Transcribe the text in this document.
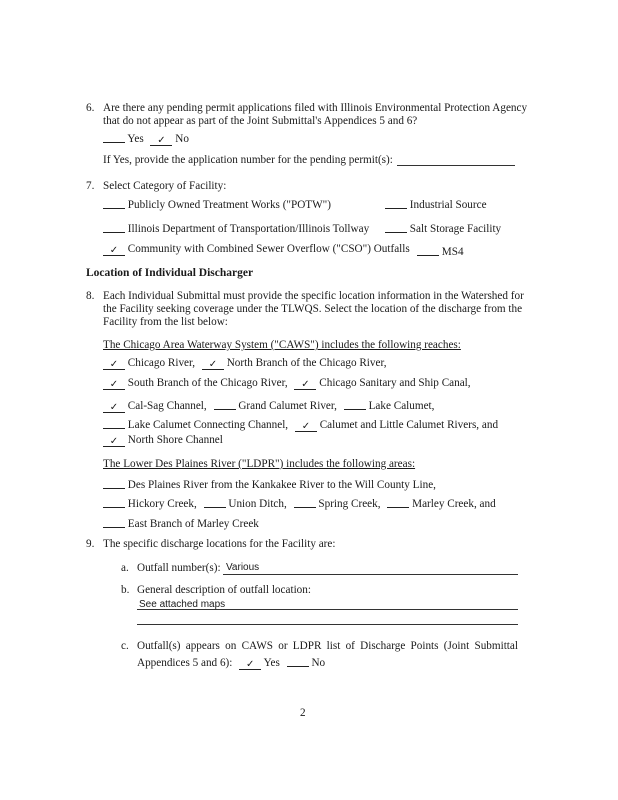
6. Are there any pending permit applications filed with Illinois Environmental Protection Agency
that do not appear as part of the Joint Submittal's Appendices 5 and 6?
Yes ✓ No
If Yes, provide the application number for the pending permit(s):
7. Select Category of Facility:
Publicly Owned Treatment Works ("POTW")	Industrial Source
Illinois Department of Transportation/Illinois Tollway	Salt Storage Facility
✓ Community with Combined Sewer Overflow ("CSO") Outfalls	MS4
Location of Individual Discharger
8. Each Individual Submittal must provide the specific location information in the Watershed for
the Facility seeking coverage under the TLWQS. Select the location of the discharge from the
Facility from the list below:
The Chicago Area Waterway System ("CAWS") includes the following reaches:
✓ Chicago River, ✓ North Branch of the Chicago River,
✓ South Branch of the Chicago River, ✓ Chicago Sanitary and Ship Canal,
✓ Cal-Sag Channel,	Grand Calumet River,	Lake Calumet,
Lake Calumet Connecting Channel, ✓ Calumet and Little Calumet Rivers, and
✓ North Shore Channel
The Lower Des Plaines River ("LDPR") includes the following areas:
Des Plaines River from the Kankakee River to the Will County Line,
Hickory Creek,	Union Ditch,	Spring Creek,	Marley Creek, and
East Branch of Marley Creek
9. The specific discharge locations for the Facility are:
a. Outfall number(s): Various
b. General description of outfall location:
See attached maps
c. Outfall(s) appears on CAWS or LDPR list of Discharge Points (Joint Submittal
Appendices 5 and 6): ✓ Yes	No
2
